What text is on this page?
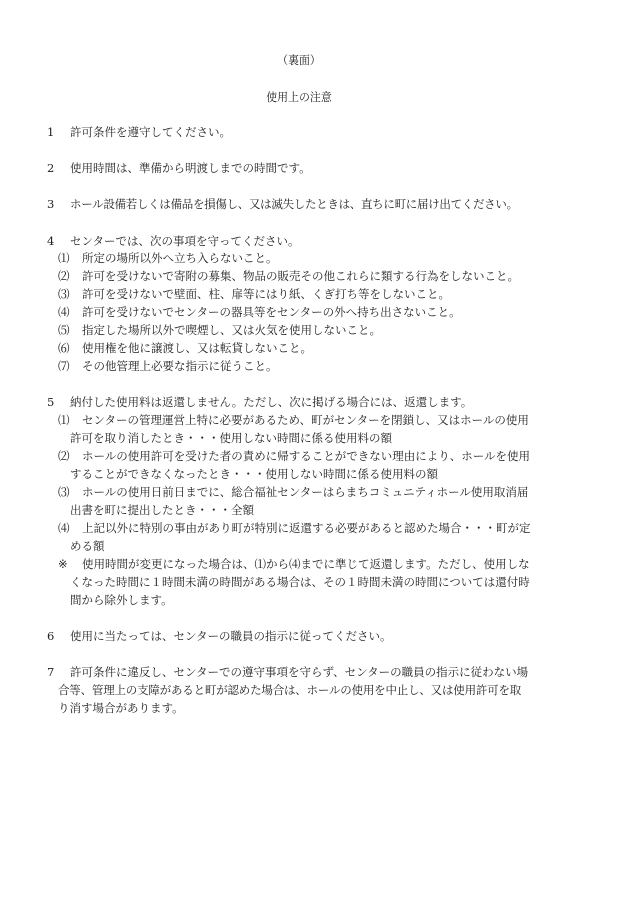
（裏面）
使用上の注意
1 許可条件を遵守してください。
2 使用時間は、準備から明渡しまでの時間です。
3 ホール設備若しくは備品を損傷し、又は滅失したときは、直ちに町に届け出てください。
4 センターでは、次の事項を守ってください。
⑴ 所定の場所以外へ立ち入らないこと。
⑵ 許可を受けないで寄附の募集、物品の販売その他これらに類する行為をしないこと。
⑶ 許可を受けないで壁面、柱、扉等にはり紙、くぎ打ち等をしないこと。
⑷ 許可を受けないでセンターの器具等をセンターの外へ持ち出さないこと。
⑸ 指定した場所以外で喫煙し、又は火気を使用しないこと。
⑹ 使用権を他に譲渡し、又は転貸しないこと。
⑺ その他管理上必要な指示に従うこと。
5 納付した使用料は返還しません。ただし、次に掲げる場合には、返還します。
⑴ センターの管理運営上特に必要があるため、町がセンターを閉鎖し、又はホールの使用
許可を取り消したとき・・・使用しない時間に係る使用料の額
⑵ ホールの使用許可を受けた者の責めに帰することができない理由により、ホールを使用
することができなくなったとき・・・使用しない時間に係る使用料の額
⑶ ホールの使用日前日までに、総合福祉センターはらまちコミュニティホール使用取消届
出書を町に提出したとき・・・全額
⑷ 上記以外に特別の事由があり町が特別に返還する必要があると認めた場合・・・町が定
める額
※ 使用時間が変更になった場合は、⑴から⑷までに準じて返還します。ただし、使用しな
くなった時間に１時間未満の時間がある場合は、その１時間未満の時間については還付時
間から除外します。
6 使用に当たっては、センターの職員の指示に従ってください。
7 許可条件に違反し、センターでの遵守事項を守らず、センターの職員の指示に従わない場
合等、管理上の支障があると町が認めた場合は、ホールの使用を中止し、又は使用許可を取
り消す場合があります。
